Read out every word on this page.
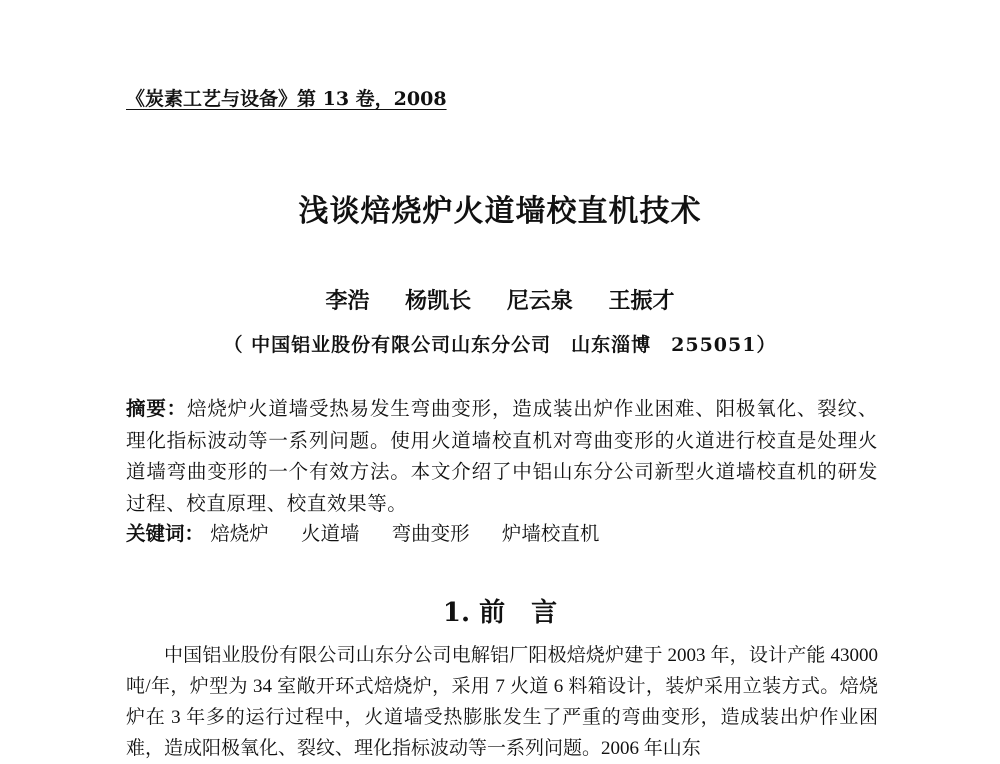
《炭素工艺与设备》第 13 卷，2008
浅谈焙烧炉火道墙校直机技术
李浩 杨凯长 尼云泉 王振才
（ 中国铝业股份有限公司山东分公司　山东淄博　255051）
摘要：焙烧炉火道墙受热易发生弯曲变形，造成装出炉作业困难、阳极氧化、裂纹、理化指标波动等一系列问题。使用火道墙校直机对弯曲变形的火道进行校直是处理火道墙弯曲变形的一个有效方法。本文介绍了中铝山东分公司新型火道墙校直机的研发过程、校直原理、校直效果等。
关键词： 焙烧炉 火道墙 弯曲变形 炉墙校直机
1. 前　言

中国铝业股份有限公司山东分公司电解铝厂阳极焙烧炉建于 2003 年，设计产能 43000 吨/年，炉型为 34 室敞开环式焙烧炉，采用 7 火道 6 料箱设计，装炉采用立装方式。焙烧炉在 3 年多的运行过程中，火道墙受热膨胀发生了严重的弯曲变形，造成装出炉作业困难，造成阳极氧化、裂纹、理化指标波动等一系列问题。2006 年山东
